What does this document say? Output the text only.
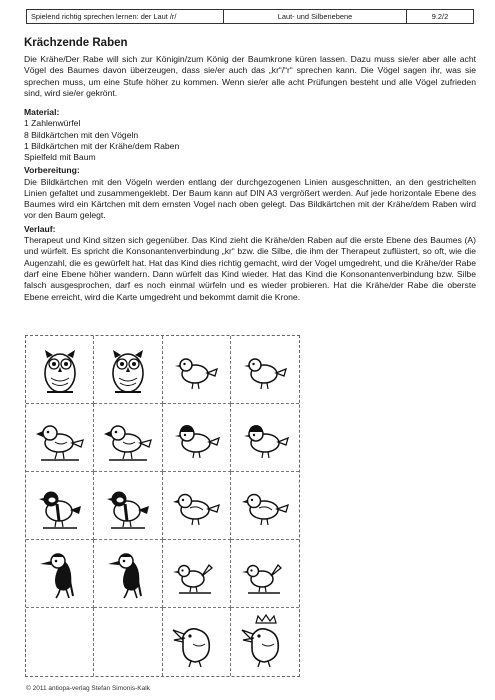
Spielend richtig sprechen lernen: der Laut /r/	Laut- und Silbenebene	9.2/2
Krächzende Raben
Die Krähe/Der Rabe will sich zur Königin/zum König der Baumkrone küren lassen. Dazu muss sie/er aber alle acht Vögel des Baumes davon überzeugen, dass sie/er auch das „kr“/“r“ sprechen kann. Die Vögel sagen ihr, was sie sprechen muss, um eine Stufe höher zu kommen. Wenn sie/er alle acht Prüfungen besteht und alle Vögel zufrieden sind, wird sie/er gekrönt.
Material:
1 Zahlenwürfel
8 Bildkärtchen mit den Vögeln
1 Bildkärtchen mit der Krähe/dem Raben
Spielfeld mit Baum
Vorbereitung:
Die Bildkärtchen mit den Vögeln werden entlang der durchgezogenen Linien ausgeschnitten, an den gestrichelten Linien gefaltet und zusammengeklebt. Der Baum kann auf DIN A3 vergrößert werden. Auf jede horizontale Ebene des Baumes wird ein Kärtchen mit dem ernsten Vogel nach oben gelegt. Das Bildkärtchen mit der Krähe/dem Raben wird vor den Baum gelegt.
Verlauf:
Therapeut und Kind sitzen sich gegenüber. Das Kind zieht die Krähe/den Raben auf die erste Ebene des Baumes (A) und würfelt. Es spricht die Konsonantenverbindung „kr“ bzw. die Silbe, die ihm der Therapeut zuflüstert, so oft, wie die Augenzahl, die es gewürfelt hat. Hat das Kind dies richtig gemacht, wird der Vogel umgedreht, und die Krähe/der Rabe darf eine Ebene höher wandern. Dann würfelt das Kind wieder. Hat das Kind die Konsonantenverbindung bzw. Silbe falsch ausgesprochen, darf es noch einmal würfeln und es wieder probieren. Hat die Krähe/der Rabe die oberste Ebene erreicht, wird die Karte umgedreht und bekommt damit die Krone.
© 2011 antiopa-verlag Stefan Simonis-Kalk
